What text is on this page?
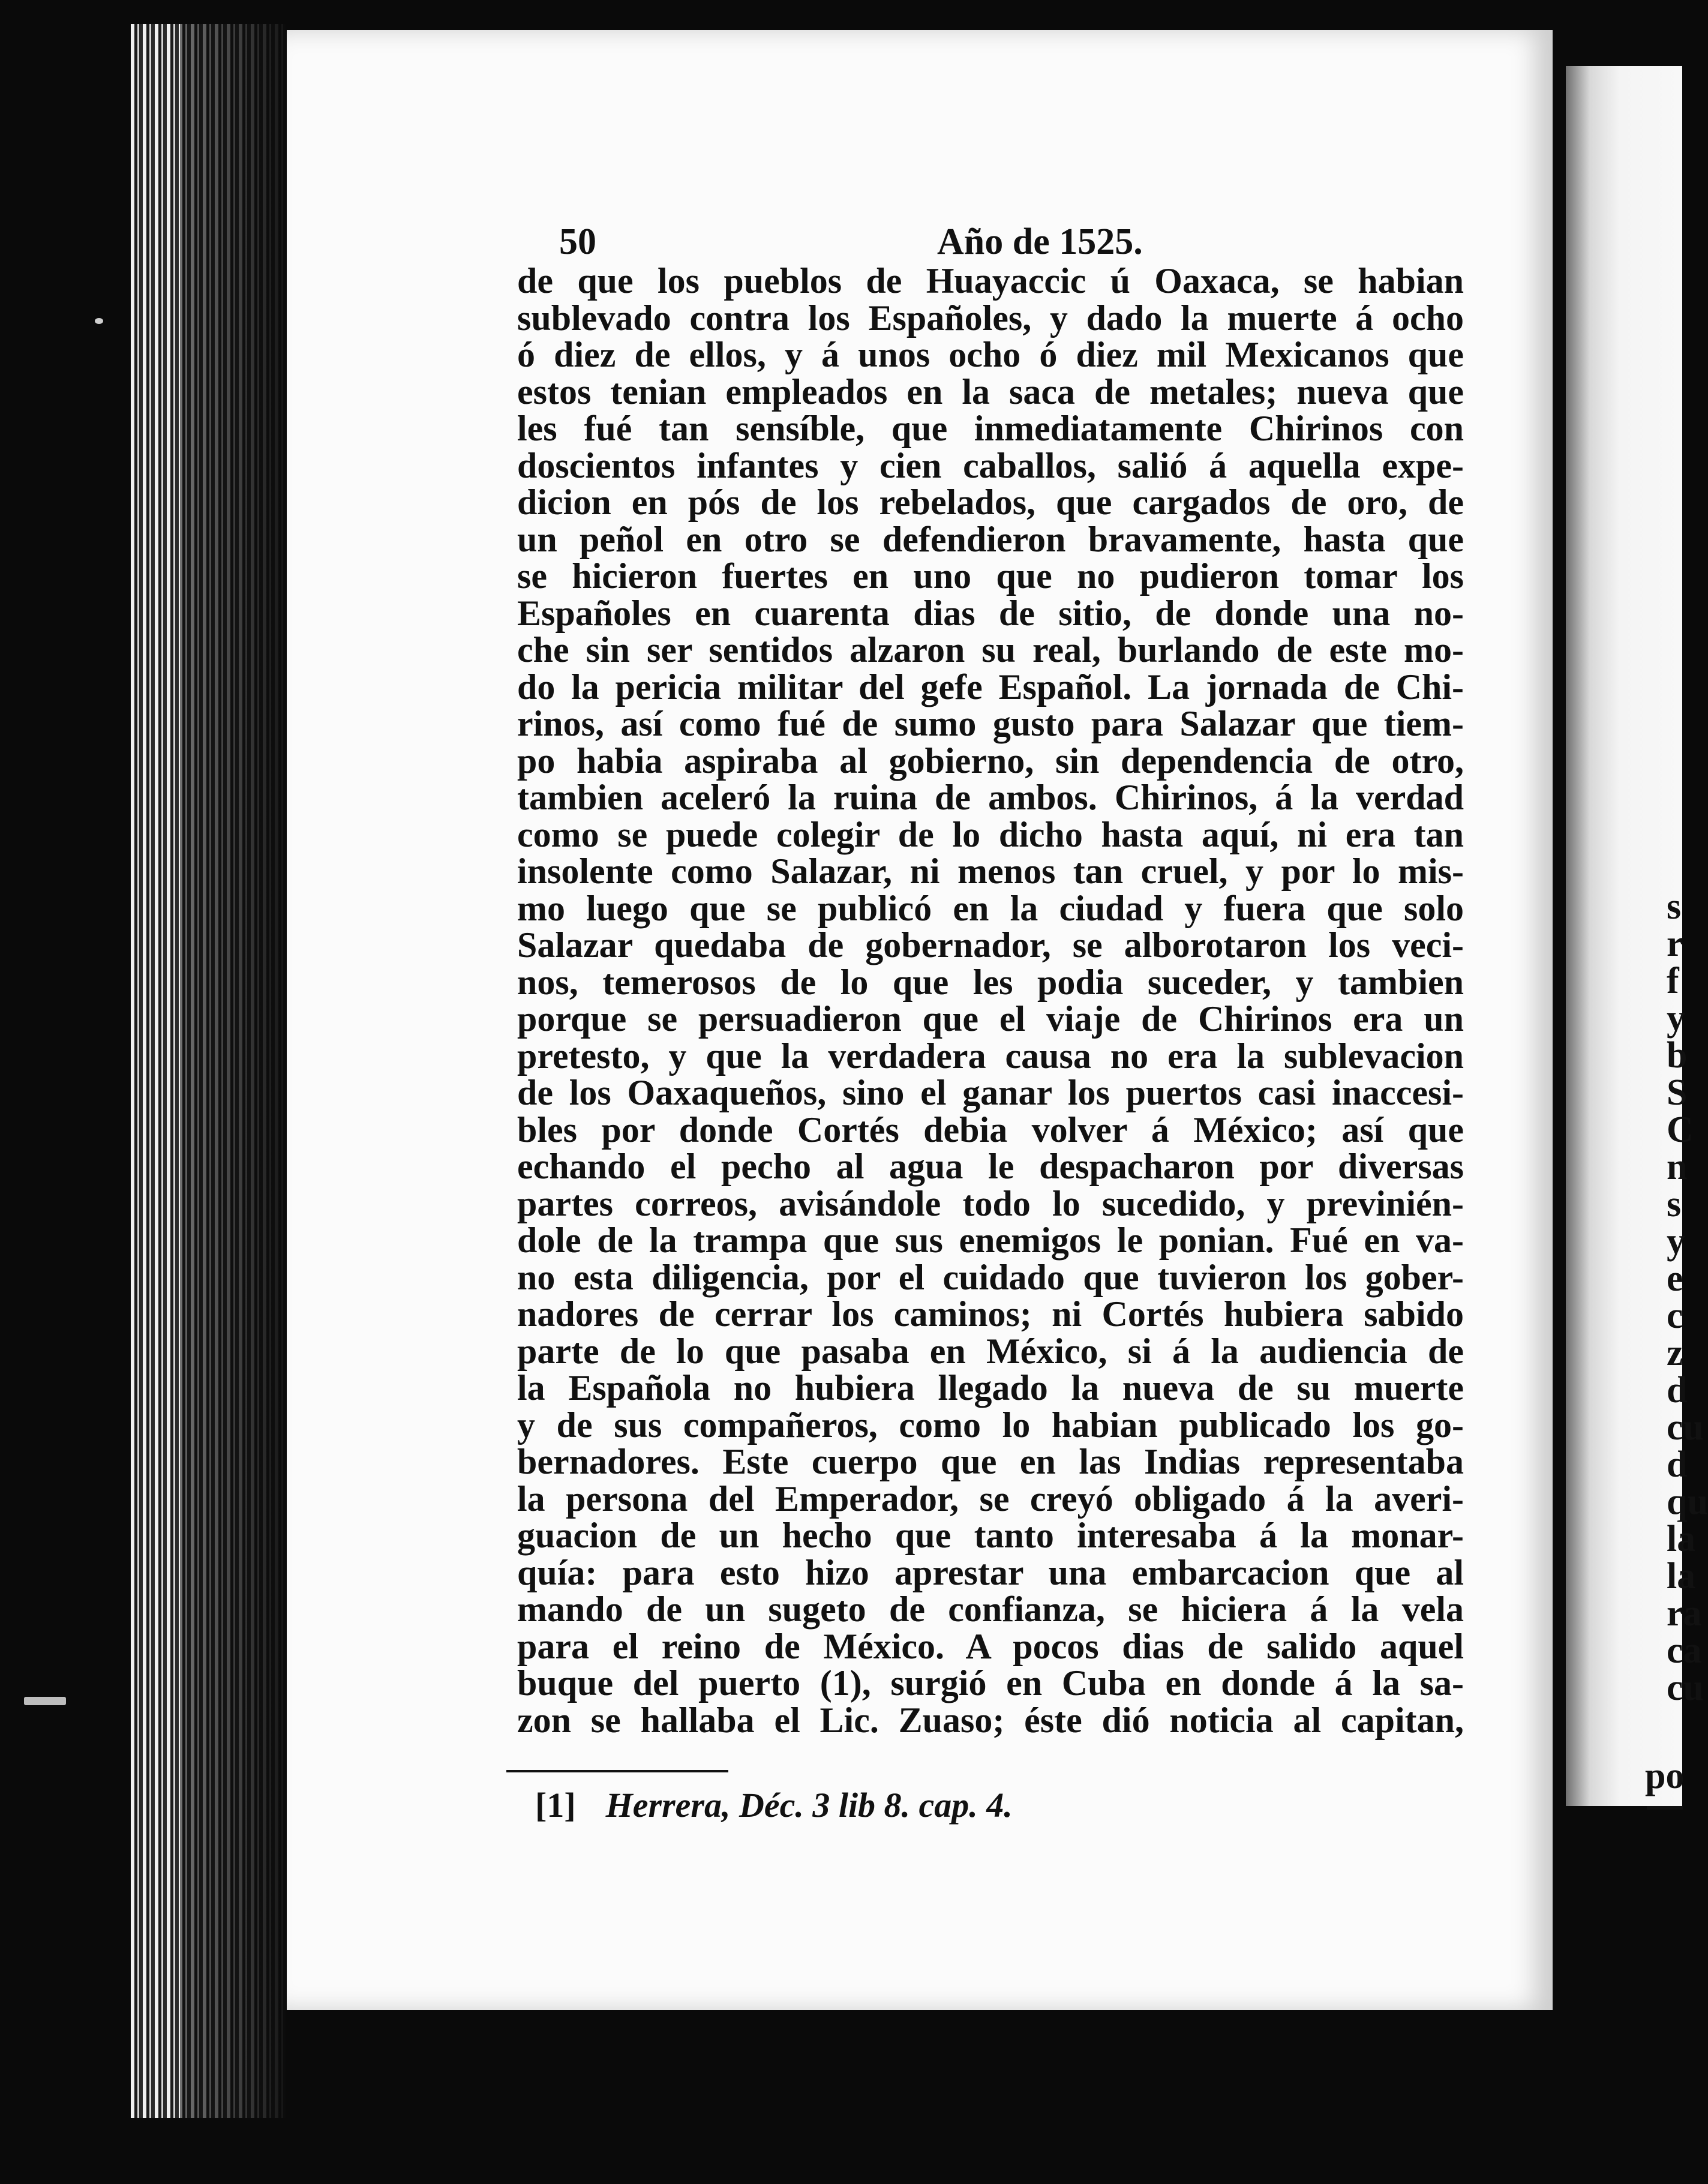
s
r
f
y
b
S
C
n
s
y
e
c
z
d
cu
d
qu
la
la
ra
ca
cu
po
50	Año de 1525.
de que los pueblos de Huayaccic ú Oaxaca, se habian
sublevado contra los Españoles, y dado la muerte á ocho
ó diez de ellos, y á unos ocho ó diez mil Mexicanos que
estos tenian empleados en la saca de metales; nueva que
les fué tan sensíble, que inmediatamente Chirinos con
doscientos infantes y cien caballos, salió á aquella expe-
dicion en pós de los rebelados, que cargados de oro, de
un peñol en otro se defendieron bravamente, hasta que
se hicieron fuertes en uno que no pudieron tomar los
Españoles en cuarenta dias de sitio, de donde una no-
che sin ser sentidos alzaron su real, burlando de este mo-
do la pericia militar del gefe Español. La jornada de Chi-
rinos, así como fué de sumo gusto para Salazar que tiem-
po habia aspiraba al gobierno, sin dependencia de otro,
tambien aceleró la ruina de ambos. Chirinos, á la verdad
como se puede colegir de lo dicho hasta aquí, ni era tan
insolente como Salazar, ni menos tan cruel, y por lo mis-
mo luego que se publicó en la ciudad y fuera que solo
Salazar quedaba de gobernador, se alborotaron los veci-
nos, temerosos de lo que les podia suceder, y tambien
porque se persuadieron que el viaje de Chirinos era un
pretesto, y que la verdadera causa no era la sublevacion
de los Oaxaqueños, sino el ganar los puertos casi inaccesi-
bles por donde Cortés debia volver á México; así que
echando el pecho al agua le despacharon por diversas
partes correos, avisándole todo lo sucedido, y previnién-
dole de la trampa que sus enemigos le ponian. Fué en va-
no esta diligencia, por el cuidado que tuvieron los gober-
nadores de cerrar los caminos; ni Cortés hubiera sabido
parte de lo que pasaba en México, si á la audiencia de
la Española no hubiera llegado la nueva de su muerte
y de sus compañeros, como lo habian publicado los go-
bernadores. Este cuerpo que en las Indias representaba
la persona del Emperador, se creyó obligado á la averi-
guacion de un hecho que tanto interesaba á la monar-
quía: para esto hizo aprestar una embarcacion que al
mando de un sugeto de confianza, se hiciera á la vela
para el reino de México. A pocos dias de salido aquel
buque del puerto (1), surgió en Cuba en donde á la sa-
zon se hallaba el Lic. Zuaso; éste dió noticia al capitan,
[1] Herrera, Déc. 3 lib 8. cap. 4.
